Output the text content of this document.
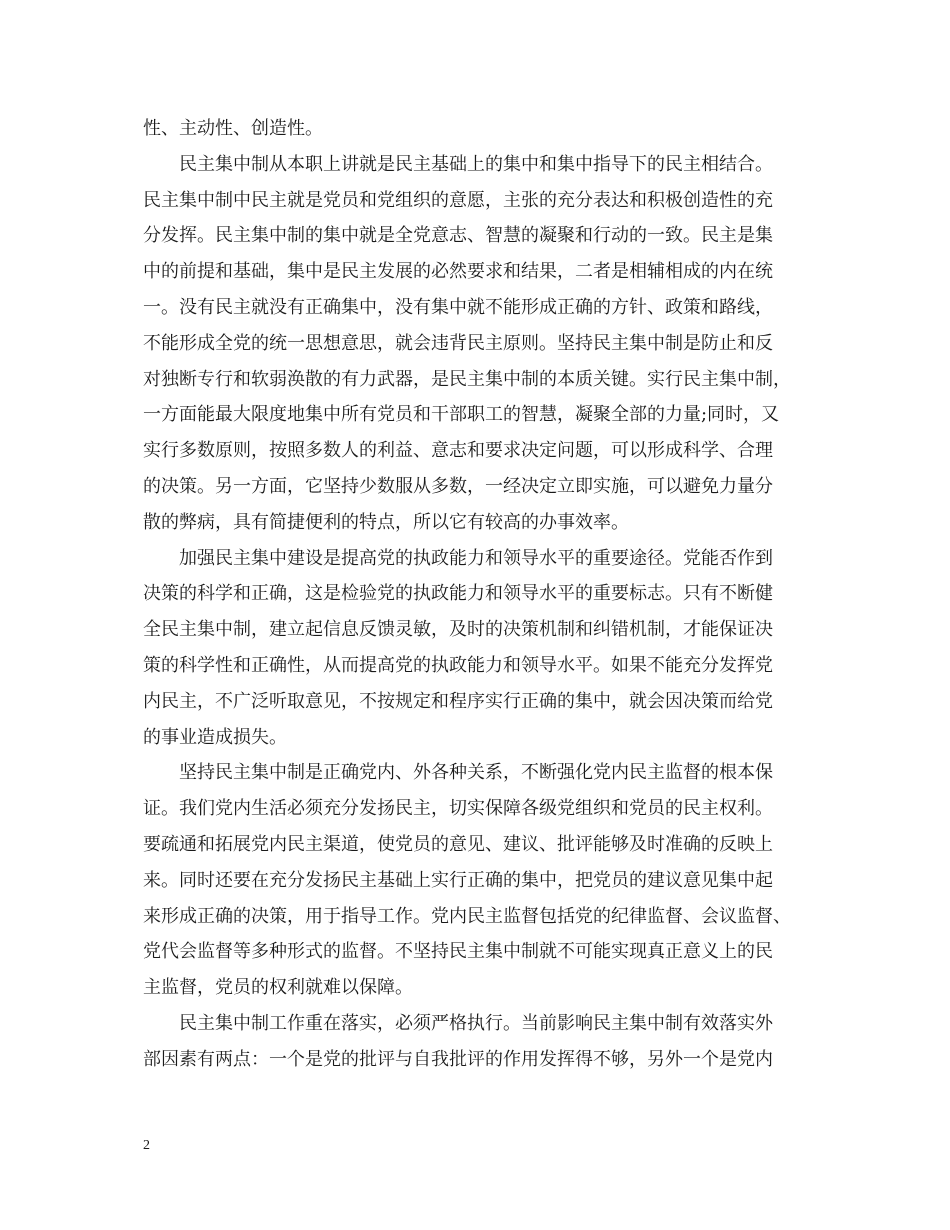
性、主动性、创造性。
民主集中制从本职上讲就是民主基础上的集中和集中指导下的民主相结合。
民主集中制中民主就是党员和党组织的意愿，主张的充分表达和积极创造性的充
分发挥。民主集中制的集中就是全党意志、智慧的凝聚和行动的一致。民主是集
中的前提和基础，集中是民主发展的必然要求和结果，二者是相辅相成的内在统
一。没有民主就没有正确集中，没有集中就不能形成正确的方针、政策和路线，
不能形成全党的统一思想意思，就会违背民主原则。坚持民主集中制是防止和反
对独断专行和软弱涣散的有力武器，是民主集中制的本质关键。实行民主集中制，
一方面能最大限度地集中所有党员和干部职工的智慧，凝聚全部的力量;同时，又
实行多数原则，按照多数人的利益、意志和要求决定问题，可以形成科学、合理
的决策。另一方面，它坚持少数服从多数，一经决定立即实施，可以避免力量分
散的弊病，具有简捷便利的特点，所以它有较高的办事效率。
加强民主集中建设是提高党的执政能力和领导水平的重要途径。党能否作到
决策的科学和正确，这是检验党的执政能力和领导水平的重要标志。只有不断健
全民主集中制，建立起信息反馈灵敏，及时的决策机制和纠错机制，才能保证决
策的科学性和正确性，从而提高党的执政能力和领导水平。如果不能充分发挥党
内民主，不广泛听取意见，不按规定和程序实行正确的集中，就会因决策而给党
的事业造成损失。
坚持民主集中制是正确党内、外各种关系，不断强化党内民主监督的根本保
证。我们党内生活必须充分发扬民主，切实保障各级党组织和党员的民主权利。
要疏通和拓展党内民主渠道，使党员的意见、建议、批评能够及时准确的反映上
来。同时还要在充分发扬民主基础上实行正确的集中，把党员的建议意见集中起
来形成正确的决策，用于指导工作。党内民主监督包括党的纪律监督、会议监督、
党代会监督等多种形式的监督。不坚持民主集中制就不可能实现真正意义上的民
主监督，党员的权利就难以保障。
民主集中制工作重在落实，必须严格执行。当前影响民主集中制有效落实外
部因素有两点：一个是党的批评与自我批评的作用发挥得不够，另外一个是党内
2
